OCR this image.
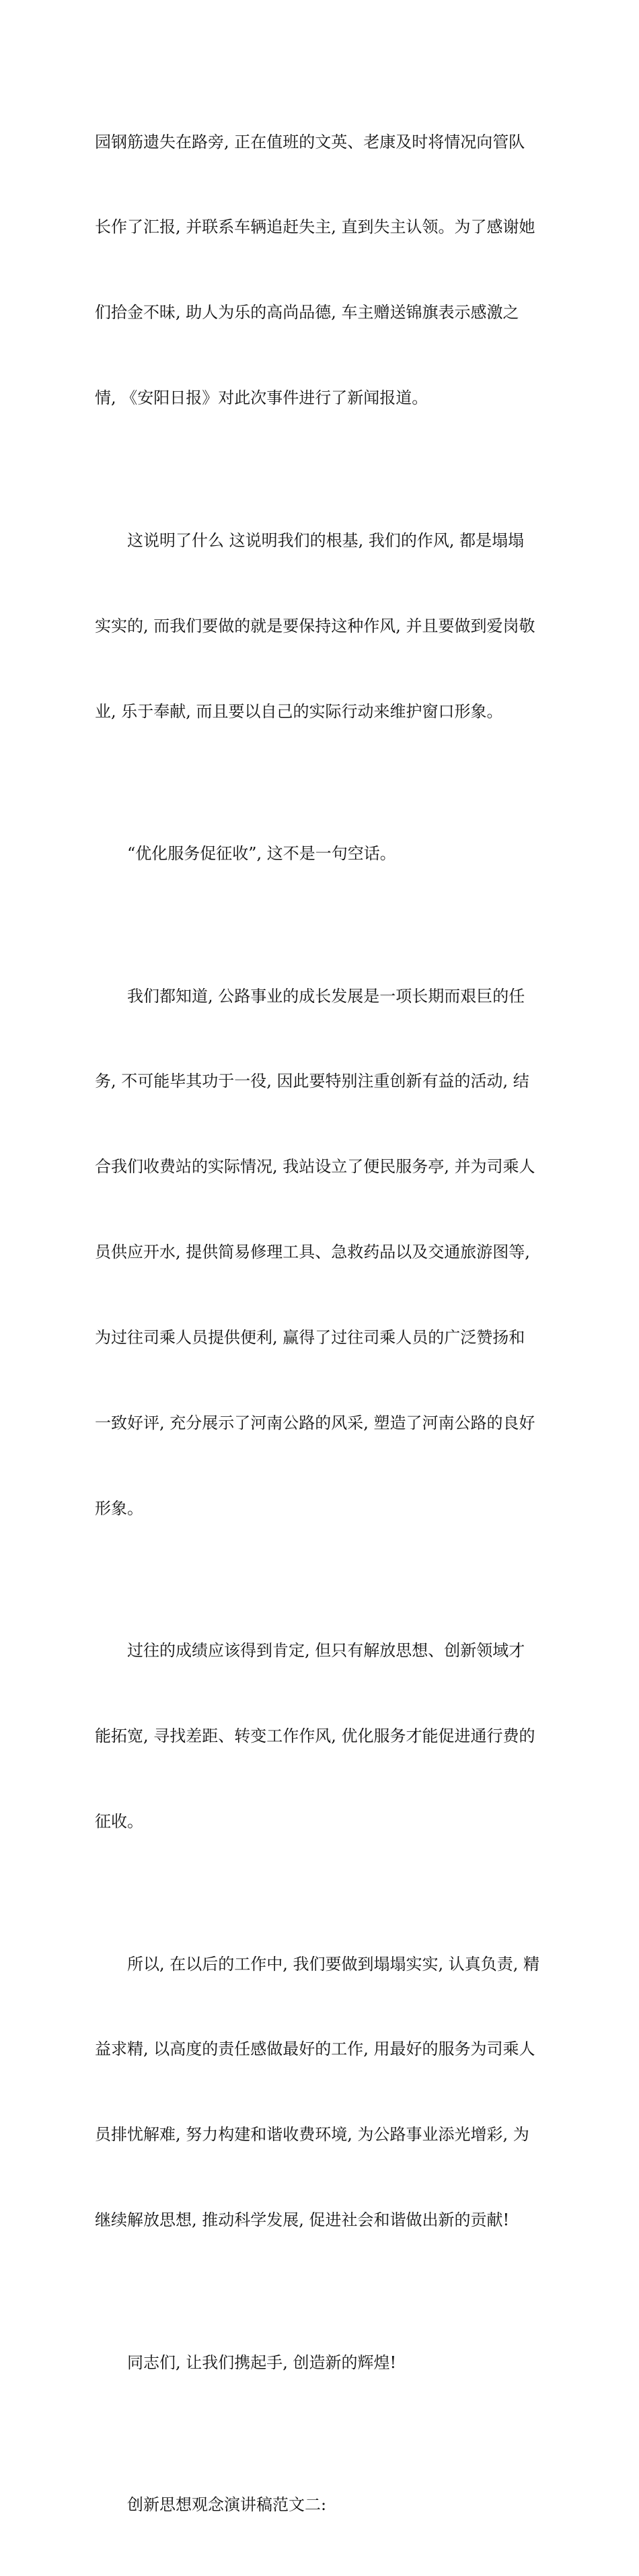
园钢筋遗失在路旁, 正在值班的文英、老康及时将情况向管队

长作了汇报, 并联系车辆追赶失主, 直到失主认领。为了感谢她

们拾金不昧, 助人为乐的高尚品德, 车主赠送锦旗表示感激之

情, 《安阳日报》对此次事件进行了新闻报道。

这说明了什么 这说明我们的根基, 我们的作风, 都是塌塌

实实的, 而我们要做的就是要保持这种作风, 并且要做到爱岗敬

业, 乐于奉献, 而且要以自己的实际行动来维护窗口形象。

“优化服务促征收”, 这不是一句空话。

我们都知道, 公路事业的成长发展是一项长期而艰巨的任

务, 不可能毕其功于一役, 因此要特别注重创新有益的活动, 结

合我们收费站的实际情况, 我站设立了便民服务亭, 并为司乘人

员供应开水, 提供简易修理工具、急救药品以及交通旅游图等,

为过往司乘人员提供便利, 赢得了过往司乘人员的广泛赞扬和

一致好评, 充分展示了河南公路的风采, 塑造了河南公路的良好

形象。

过往的成绩应该得到肯定, 但只有解放思想、创新领域才

能拓宽, 寻找差距、转变工作作风, 优化服务才能促进通行费的

征收。

所以, 在以后的工作中, 我们要做到塌塌实实, 认真负责, 精

益求精, 以高度的责任感做最好的工作, 用最好的服务为司乘人

员排忧解难, 努力构建和谐收费环境, 为公路事业添光增彩, 为

继续解放思想, 推动科学发展, 促进社会和谐做出新的贡献!

同志们, 让我们携起手, 创造新的辉煌!

创新思想观念演讲稿范文二:
